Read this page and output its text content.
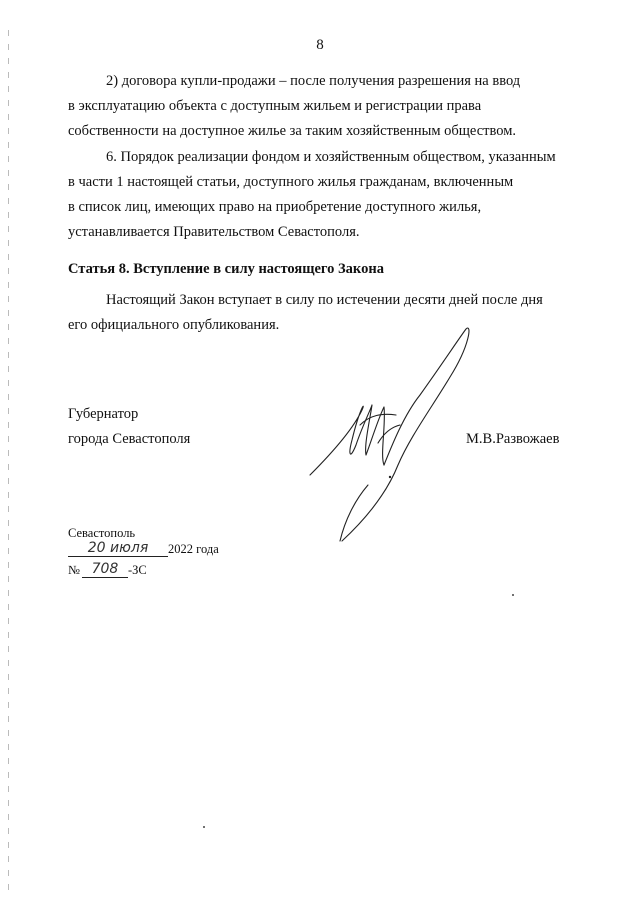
8
2) договора купли-продажи – после получения разрешения на ввод
в эксплуатацию объекта с доступным жильем и регистрации права
собственности на доступное жилье за таким хозяйственным обществом.
6. Порядок реализации фондом и хозяйственным обществом, указанным
в части 1 настоящей статьи, доступного жилья гражданам, включенным
в список лиц, имеющих право на приобретение доступного жилья,
устанавливается Правительством Севастополя.
Статья 8. Вступление в силу настоящего Закона
Настоящий Закон вступает в силу по истечении десяти дней после дня
его официального опубликования.
Губернатор
города Севастополя	М.В.Развожаев
Севастополь
20 июля	2022 года
№ 708 -ЗС
